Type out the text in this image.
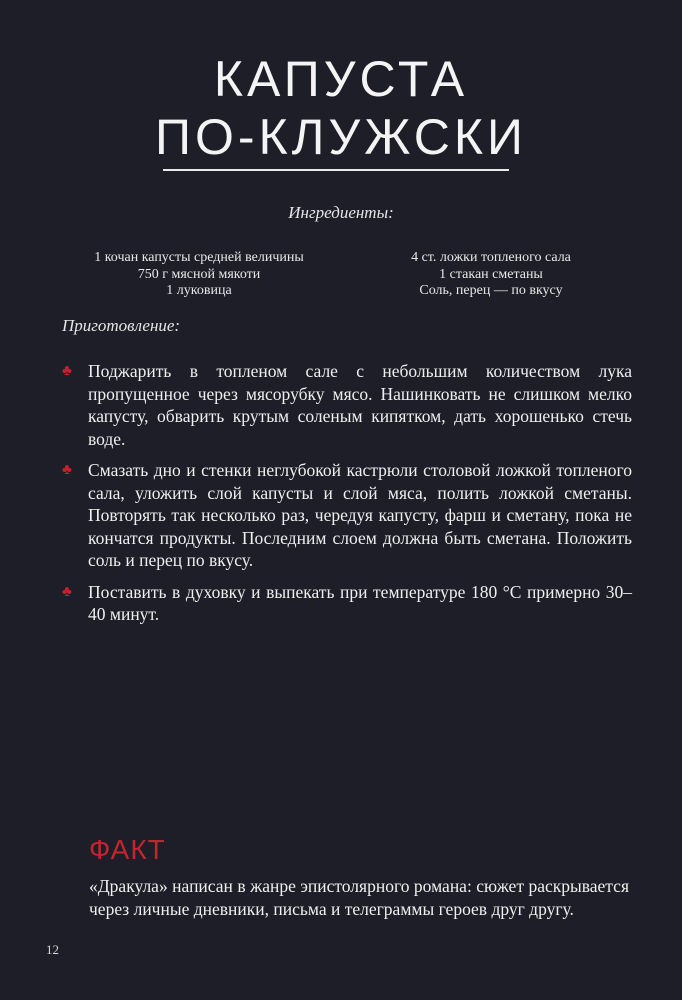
КАПУСТА
ПО-КЛУЖСКИ
Ингредиенты:
1 кочан капусты средней величины
750 г мясной мякоти
1 луковица
4 ст. ложки топленого сала
1 стакан сметаны
Соль, перец — по вкусу
Приготовление:
♣ Поджарить в топленом сале с небольшим количеством лука пропущенное через мясорубку мясо. Нашинковать не слишком мелко капусту, обварить крутым соленым кипятком, дать хорошенько стечь воде.
♣ Смазать дно и стенки неглубокой кастрюли столовой ложкой топленого сала, уложить слой капусты и слой мяса, полить ложкой сметаны. Повторять так несколько раз, чередуя капусту, фарш и сметану, пока не кончатся продукты. Последним слоем должна быть сметана. Положить соль и перец по вкусу.
♣ Поставить в духовку и выпекать при температуре 180 °C примерно 30–40 минут.
ФАКТ
«Дракула» написан в жанре эпистолярного романа: сюжет раскрывается через личные дневники, письма и телеграммы героев друг другу.
12
